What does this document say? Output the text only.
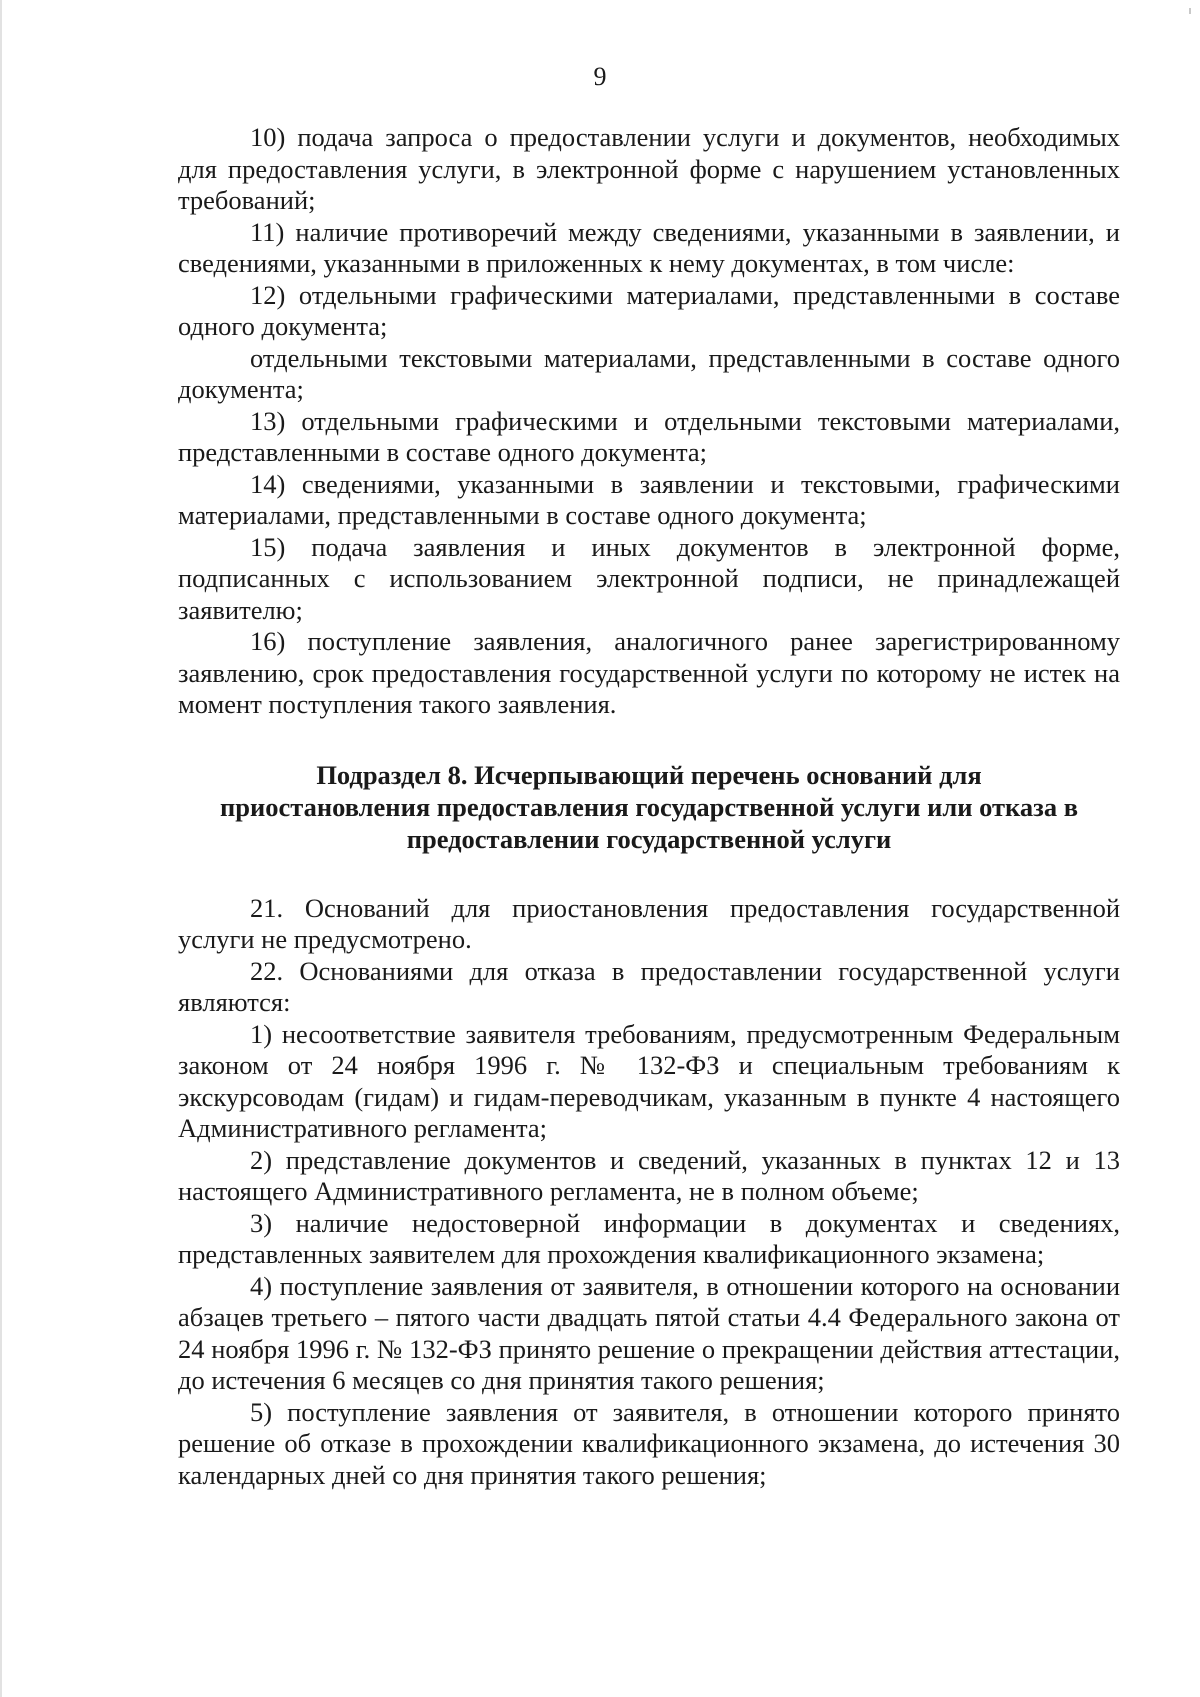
9

10) подача запроса о предоставлении услуги и документов, необходимых для предоставления услуги, в электронной форме с нарушением установленных требований;

11) наличие противоречий между сведениями, указанными в заявлении, и сведениями, указанными в приложенных к нему документах, в том числе:

12) отдельными графическими материалами, представленными в составе одного документа;

отдельными текстовыми материалами, представленными в составе одного документа;

13) отдельными графическими и отдельными текстовыми материалами, представленными в составе одного документа;

14) сведениями, указанными в заявлении и текстовыми, графическими материалами, представленными в составе одного документа;

15) подача заявления и иных документов в электронной форме, подписанных с использованием электронной подписи, не принадлежащей заявителю;

16) поступление заявления, аналогичного ранее зарегистрированному заявлению, срок предоставления государственной услуги по которому не истек на момент поступления такого заявления.

Подраздел 8. Исчерпывающий перечень оснований для
приостановления предоставления государственной услуги или отказа в
предоставлении государственной услуги

21. Оснований для приостановления предоставления государственной услуги не предусмотрено.

22. Основаниями для отказа в предоставлении государственной услуги являются:

1) несоответствие заявителя требованиям, предусмотренным Федеральным законом от 24 ноября 1996 г. № 132-ФЗ и специальным требованиям к экскурсоводам (гидам) и гидам-переводчикам, указанным в пункте 4 настоящего Административного регламента;

2) представление документов и сведений, указанных в пунктах 12 и 13 настоящего Административного регламента, не в полном объеме;

3) наличие недостоверной информации в документах и сведениях, представленных заявителем для прохождения квалификационного экзамена;

4) поступление заявления от заявителя, в отношении которого на основании абзацев третьего – пятого части двадцать пятой статьи 4.4 Федерального закона от 24 ноября 1996 г. № 132-ФЗ принято решение о прекращении действия аттестации, до истечения 6 месяцев со дня принятия такого решения;

5) поступление заявления от заявителя, в отношении которого принято решение об отказе в прохождении квалификационного экзамена, до истечения 30 календарных дней со дня принятия такого решения;
